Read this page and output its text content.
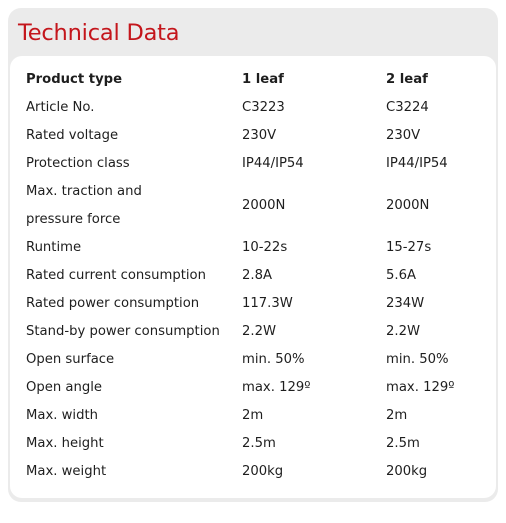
Technical Data
Product type	1 leaf	2 leaf
Article No.	C3223	C3224
Rated voltage	230V	230V
Protection class	IP44/IP54	IP44/IP54

Max. traction and
pressure force	2000N	2000N
Runtime	10-22s	15-27s
Rated current consumption	2.8A	5.6A
Rated power consumption	117.3W	234W
Stand-by power consumption	2.2W	2.2W
Open surface	min. 50%	min. 50%
Open angle	max. 129º	max. 129º
Max. width	2m	2m
Max. height	2.5m	2.5m
Max. weight	200kg	200kg
